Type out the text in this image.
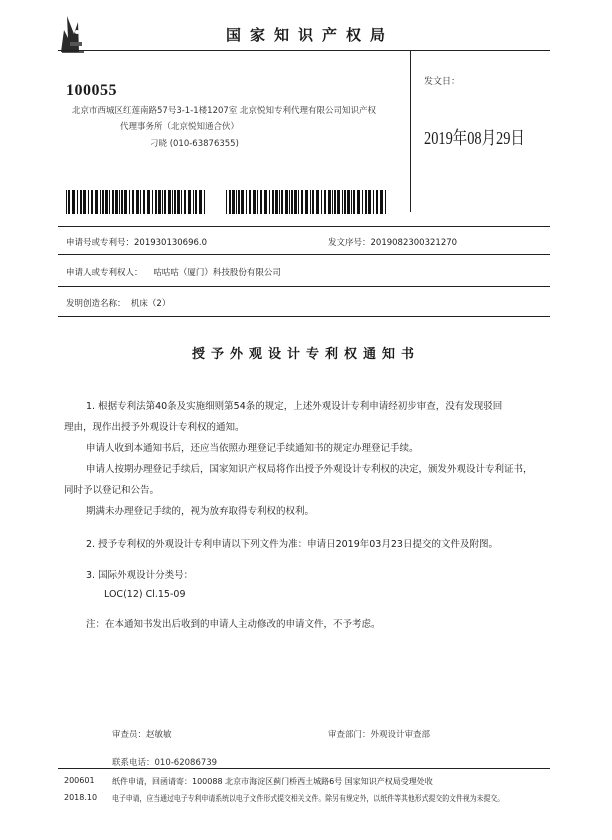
国家知识产权局
100055
北京市西城区红莲南路57号3-1-1楼1207室 北京悦知专利代理有限公司知识产权
代理事务所（北京悦知通合伙）
刁晓 (010-63876355)
发文日：
2019年08月29日
申请号或专利号：201930130696.0	发文序号：2019082300321270
申请人或专利权人： 咕咕咕（厦门）科技股份有限公司
发明创造名称： 机床（2）
授予外观设计专利权通知书
1. 根据专利法第40条及实施细则第54条的规定，上述外观设计专利申请经初步审查，没有发现驳回
理由，现作出授予外观设计专利权的通知。
申请人收到本通知书后，还应当依照办理登记手续通知书的规定办理登记手续。
申请人按期办理登记手续后，国家知识产权局将作出授予外观设计专利权的决定，颁发外观设计专利证书，
同时予以登记和公告。
期满未办理登记手续的，视为放弃取得专利权的权利。
2. 授予专利权的外观设计专利申请以下列文件为准：申请日2019年03月23日提交的文件及附图。
3. 国际外观设计分类号：
LOC(12) Cl.15-09
注：在本通知书发出后收到的申请人主动修改的申请文件，不予考虑。
审查员：赵敏敏	审查部门：外观设计审查部
联系电话：010-62086739
200601
2018.10
纸件申请，回函请寄：100088 北京市海淀区蓟门桥西土城路6号 国家知识产权局受理处收
电子申请，应当通过电子专利申请系统以电子文件形式提交相关文件。除另有规定外，以纸件等其他形式提交的文件视为未提交。
